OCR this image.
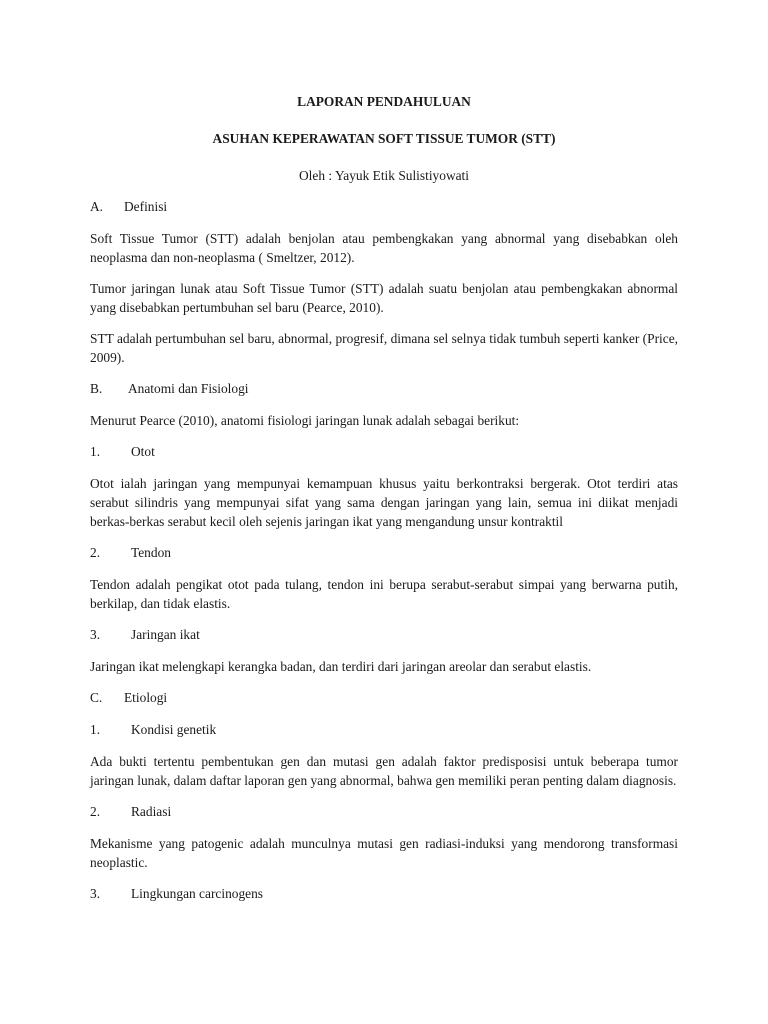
LAPORAN PENDAHULUAN

ASUHAN KEPERAWATAN SOFT TISSUE TUMOR (STT)

Oleh : Yayuk Etik Sulistiyowati

A.	Definisi

Soft Tissue Tumor (STT) adalah benjolan atau pembengkakan yang abnormal yang disebabkan oleh neoplasma dan non-neoplasma ( Smeltzer, 2012).

Tumor jaringan lunak atau Soft Tissue Tumor (STT) adalah suatu benjolan atau pembengkakan abnormal yang disebabkan pertumbuhan sel baru (Pearce, 2010).

STT adalah pertumbuhan sel baru, abnormal, progresif, dimana sel selnya tidak tumbuh seperti kanker (Price, 2009).

B.	Anatomi dan Fisiologi

Menurut Pearce (2010), anatomi fisiologi jaringan lunak adalah sebagai berikut:

1.	Otot

Otot ialah jaringan yang mempunyai kemampuan khusus yaitu berkontraksi bergerak. Otot terdiri atas serabut silindris yang mempunyai sifat yang sama dengan jaringan yang lain, semua ini diikat menjadi berkas-berkas serabut kecil oleh sejenis jaringan ikat yang mengandung unsur kontraktil

2.	Tendon

Tendon adalah pengikat otot pada tulang, tendon ini berupa serabut-serabut simpai yang berwarna putih, berkilap, dan tidak elastis.

3.	Jaringan ikat

Jaringan ikat melengkapi kerangka badan, dan terdiri dari jaringan areolar dan serabut elastis.

C.	Etiologi
1.	Kondisi genetik

Ada bukti tertentu pembentukan gen dan mutasi gen adalah faktor predisposisi untuk beberapa tumor jaringan lunak, dalam daftar laporan gen yang abnormal, bahwa gen memiliki peran penting dalam diagnosis.

2.	Radiasi

Mekanisme yang patogenic adalah munculnya mutasi gen radiasi-induksi yang mendorong transformasi neoplastic.

3.	Lingkungan carcinogens
